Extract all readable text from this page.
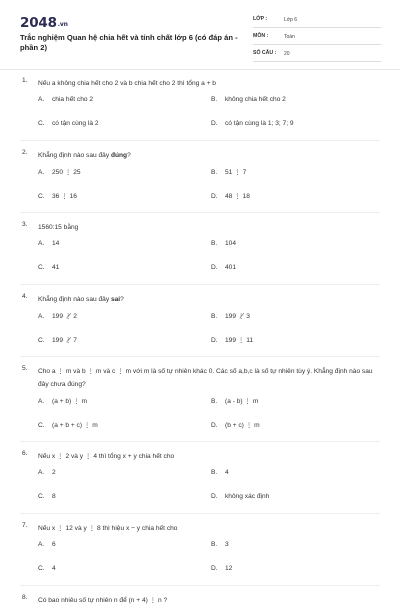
2048.vn
Trắc nghiệm Quan hệ chia hết và tính chất lớp 6 (có đáp án - phần 2)
LỚP :	Lớp 6
MÔN :	Toán
SỐ CÂU : 20
1. Nếu a không chia hết cho 2 và b chia hết cho 2 thì tổng a + b
A. chia hết cho 2	B. không chia hết cho 2
C. có tận cùng là 2	D. có tận cùng là 1; 3; 7; 9
2. Khẳng định nào sau đây đúng?
A. 250 ⋮ 25	B. 51 ⋮ 7
C. 36 ⋮ 16	D. 48 ⋮ 18
3. 1560:15 bằng
A. 14	B. 104
C. 41	D. 401
4. Khẳng định nào sau đây sai?
A. 199 ⋮̸ 2	B. 199 ⋮̸ 3
C. 199 ⋮̸ 7	D. 199 ⋮ 11
5. Cho a ⋮ m và b ⋮ m và c ⋮ m với m là số tự nhiên khác 0. Các số a,b,c là số tự nhiên tùy ý. Khẳng định nào sau đây chưa đúng?
A. (a + b) ⋮ m	B. (a - b) ⋮ m
C. (a + b + c) ⋮ m	D. (b + c) ⋮ m
6. Nếu x ⋮ 2 và y ⋮ 4 thì tổng x + y chia hết cho
A. 2	B. 4
C. 8	D. không xác định
7. Nếu x ⋮ 12 và y ⋮ 8 thì hiệu x − y chia hết cho
A. 6	B. 3
C. 4	D. 12
8. Có bao nhiêu số tự nhiên n để (n + 4) ⋮ n ?
